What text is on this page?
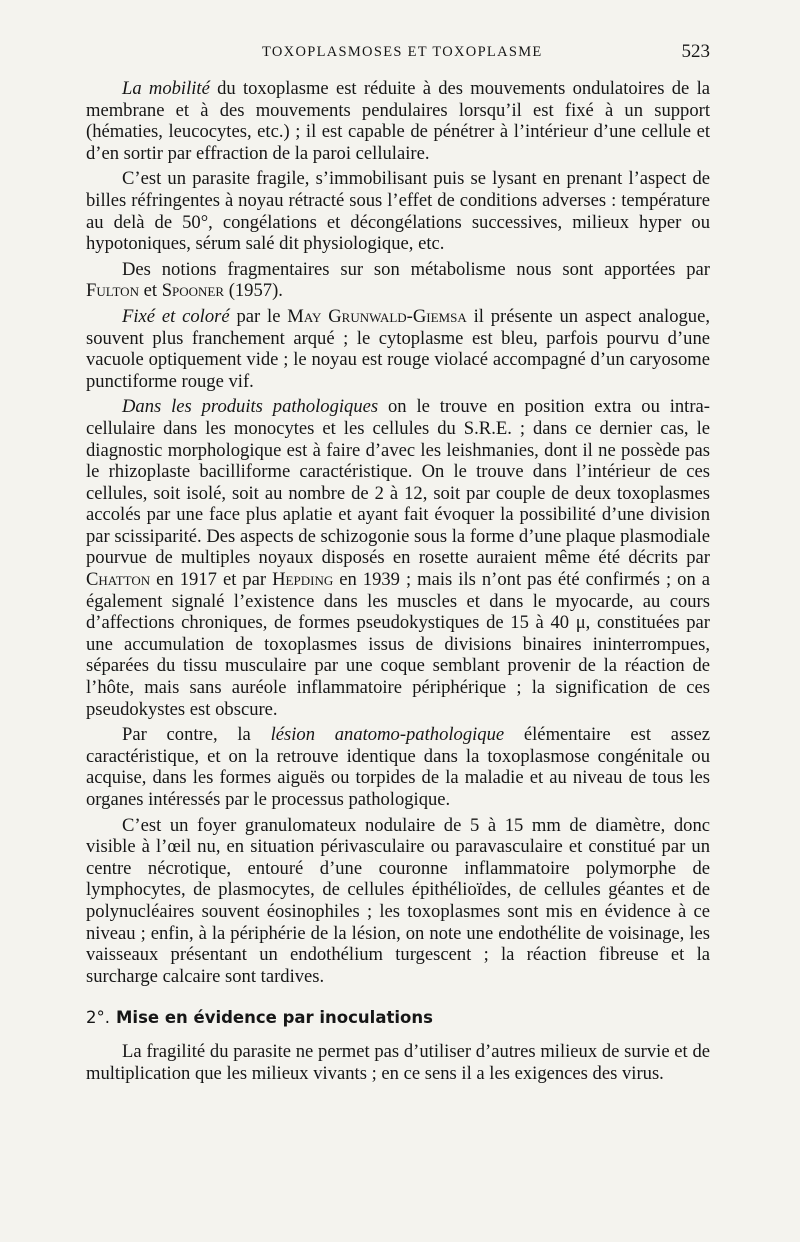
TOXOPLASMOSES ET TOXOPLASME	523

La mobilité du toxoplasme est réduite à des mouvements ondulatoires de la membrane et à des mouvements pendulaires lorsqu’il est fixé à un support (hématies, leucocytes, etc.) ; il est capable de pénétrer à l’intérieur d’une cellule et d’en sortir par effraction de la paroi cellulaire.

C’est un parasite fragile, s’immobilisant puis se lysant en prenant l’aspect de billes réfringentes à noyau rétracté sous l’effet de conditions adverses : température au delà de 50°, congélations et décongélations successives, milieux hyper ou hypotoniques, sérum salé dit physiologique, etc.

Des notions fragmentaires sur son métabolisme nous sont apportées par Fulton et Spooner (1957).

Fixé et coloré par le May Grunwald-Giemsa il présente un aspect analogue, souvent plus franchement arqué ; le cytoplasme est bleu, parfois pourvu d’une vacuole optiquement vide ; le noyau est rouge violacé accompagné d’un caryosome punctiforme rouge vif.

Dans les produits pathologiques on le trouve en position extra ou intra-cellulaire dans les monocytes et les cellules du S.R.E. ; dans ce dernier cas, le diagnostic morphologique est à faire d’avec les leishmanies, dont il ne possède pas le rhizoplaste bacilliforme caractéristique. On le trouve dans l’intérieur de ces cellules, soit isolé, soit au nombre de 2 à 12, soit par couple de deux toxoplasmes accolés par une face plus aplatie et ayant fait évoquer la possibilité d’une division par scissiparité. Des aspects de schizogonie sous la forme d’une plaque plasmodiale pourvue de multiples noyaux disposés en rosette auraient même été décrits par Chatton en 1917 et par Hepding en 1939 ; mais ils n’ont pas été confirmés ; on a également signalé l’existence dans les muscles et dans le myocarde, au cours d’affections chroniques, de formes pseudokystiques de 15 à 40 μ, constituées par une accumulation de toxoplasmes issus de divisions binaires ininterrompues, séparées du tissu musculaire par une coque semblant provenir de la réaction de l’hôte, mais sans auréole inflammatoire périphérique ; la signification de ces pseudokystes est obscure.

Par contre, la lésion anatomo-pathologique élémentaire est assez caractéristique, et on la retrouve identique dans la toxoplasmose congénitale ou acquise, dans les formes aiguës ou torpides de la maladie et au niveau de tous les organes intéressés par le processus pathologique.

C’est un foyer granulomateux nodulaire de 5 à 15 mm de diamètre, donc visible à l’œil nu, en situation périvasculaire ou paravasculaire et constitué par un centre nécrotique, entouré d’une couronne inflammatoire polymorphe de lymphocytes, de plasmocytes, de cellules épithélioïdes, de cellules géantes et de polynucléaires souvent éosinophiles ; les toxoplasmes sont mis en évidence à ce niveau ; enfin, à la périphérie de la lésion, on note une endothélite de voisinage, les vaisseaux présentant un endothélium turgescent ; la réaction fibreuse et la surcharge calcaire sont tardives.

2°. Mise en évidence par inoculations

La fragilité du parasite ne permet pas d’utiliser d’autres milieux de survie et de multiplication que les milieux vivants ; en ce sens il a les exigences des virus.
